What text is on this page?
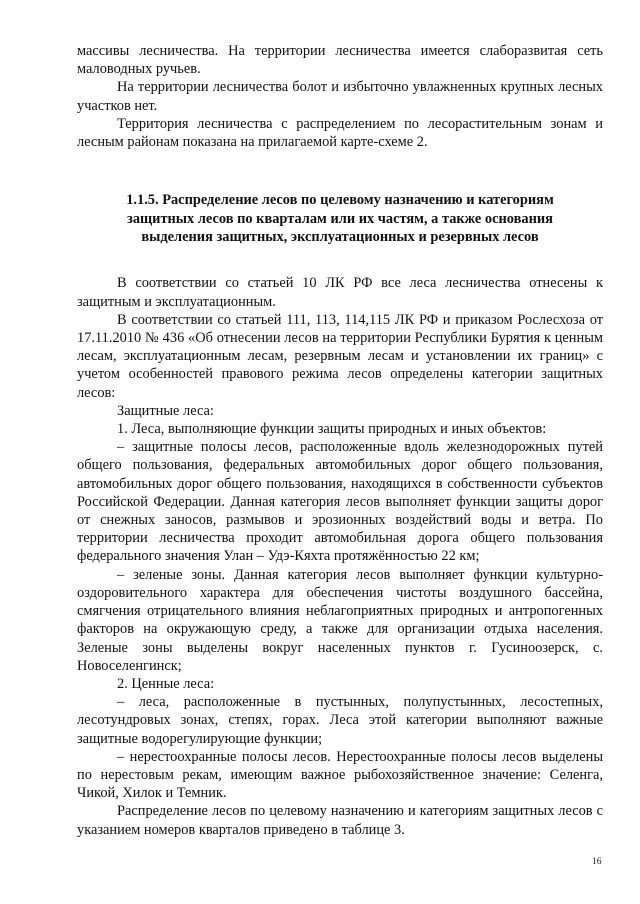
массивы лесничества. На территории лесничества имеется слаборазвитая сеть маловодных ручьев.

На территории лесничества болот и избыточно увлажненных крупных лесных участков нет.

Территория лесничества с распределением по лесорастительным зонам и лесным районам показана на прилагаемой карте-схеме 2.

1.1.5. Распределение лесов по целевому назначению и категориям защитных лесов по кварталам или их частям, а также основания выделения защитных, эксплуатационных и резервных лесов

В соответствии со статьей 10 ЛК РФ все леса лесничества отнесены к защитным и эксплуатационным.

В соответствии со статьей 111, 113, 114,115 ЛК РФ и приказом Рослесхоза от 17.11.2010 № 436 «Об отнесении лесов на территории Республики Бурятия к ценным лесам, эксплуатационным лесам, резервным лесам и установлении их границ» с учетом особенностей правового режима лесов определены категории защитных лесов:

Защитные леса:

1. Леса, выполняющие функции защиты природных и иных объектов:

– защитные полосы лесов, расположенные вдоль железнодорожных путей общего пользования, федеральных автомобильных дорог общего пользования, автомобильных дорог общего пользования, находящихся в собственности субъектов Российской Федерации. Данная категория лесов выполняет функции защиты дорог от снежных заносов, размывов и эрозионных воздействий воды и ветра. По территории лесничества проходит автомобильная дорога общего пользования федерального значения Улан – Удэ-Кяхта протяжённостью 22 км;

– зеленые зоны. Данная категория лесов выполняет функции культурно-оздоровительного характера для обеспечения чистоты воздушного бассейна, смягчения отрицательного влияния неблагоприятных природных и антропогенных факторов на окружающую среду, а также для организации отдыха населения. Зеленые зоны выделены вокруг населенных пунктов г. Гусиноозерск, с. Новоселенгинск;

2. Ценные леса:

– леса, расположенные в пустынных, полупустынных, лесостепных, лесотундровых зонах, степях, горах. Леса этой категории выполняют важные защитные водорегулирующие функции;

– нерестоохранные полосы лесов. Нерестоохранные полосы лесов выделены по нерестовым рекам, имеющим важное рыбохозяйственное значение: Селенга, Чикой, Хилок и Темник.

Распределение лесов по целевому назначению и категориям защитных лесов с указанием номеров кварталов приведено в таблице 3.

16
